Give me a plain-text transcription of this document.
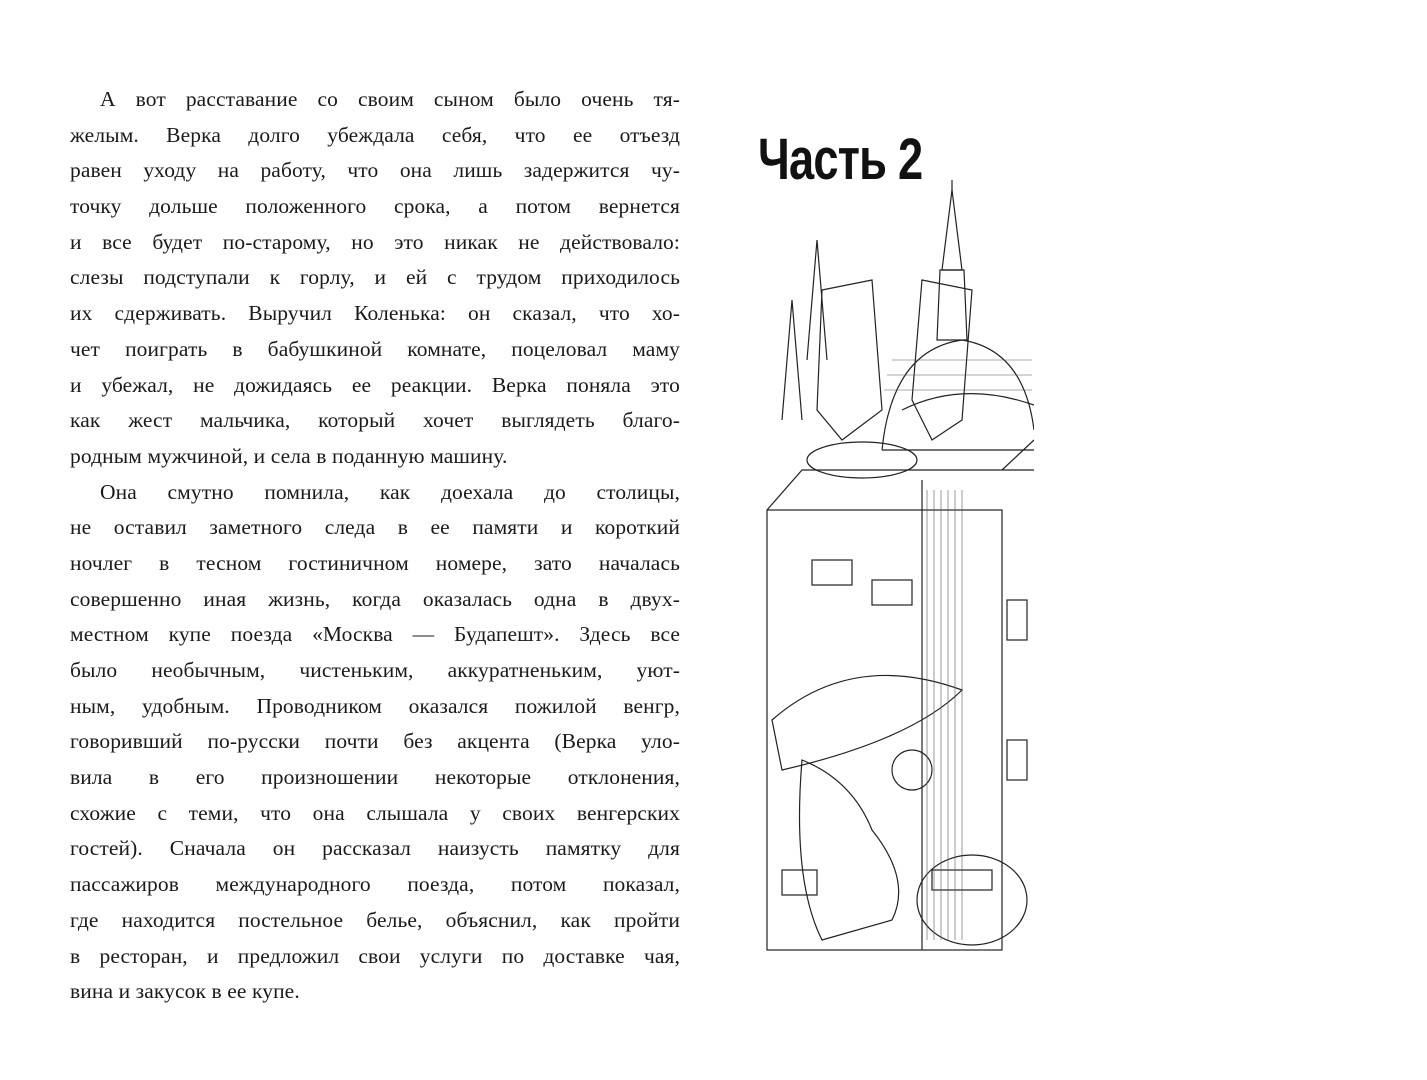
А вот расставание со своим сыном было очень тя-
желым. Верка долго убеждала себя, что ее отъезд
равен уходу на работу, что она лишь задержится чу-
точку дольше положенного срока, а потом вернется
и все будет по-старому, но это никак не действовало:
слезы подступали к горлу, и ей с трудом приходилось
их сдерживать. Выручил Коленька: он сказал, что хо-
чет поиграть в бабушкиной комнате, поцеловал маму
и убежал, не дожидаясь ее реакции. Верка поняла это
как жест мальчика, который хочет выглядеть благо-
родным мужчиной, и села в поданную машину.
Она смутно помнила, как доехала до столицы,
не оставил заметного следа в ее памяти и короткий
ночлег в тесном гостиничном номере, зато началась
совершенно иная жизнь, когда оказалась одна в двух-
местном купе поезда «Москва — Будапешт». Здесь все
было необычным, чистеньким, аккуратненьким, уют-
ным, удобным. Проводником оказался пожилой венгр,
говоривший по-русски почти без акцента (Верка уло-
вила в его произношении некоторые отклонения,
схожие с теми, что она слышала у своих венгерских
гостей). Сначала он рассказал наизусть памятку для
пассажиров международного поезда, потом показал,
где находится постельное белье, объяснил, как пройти
в ресторан, и предложил свои услуги по доставке чая,
вина и закусок в ее купе.
Часть 2
